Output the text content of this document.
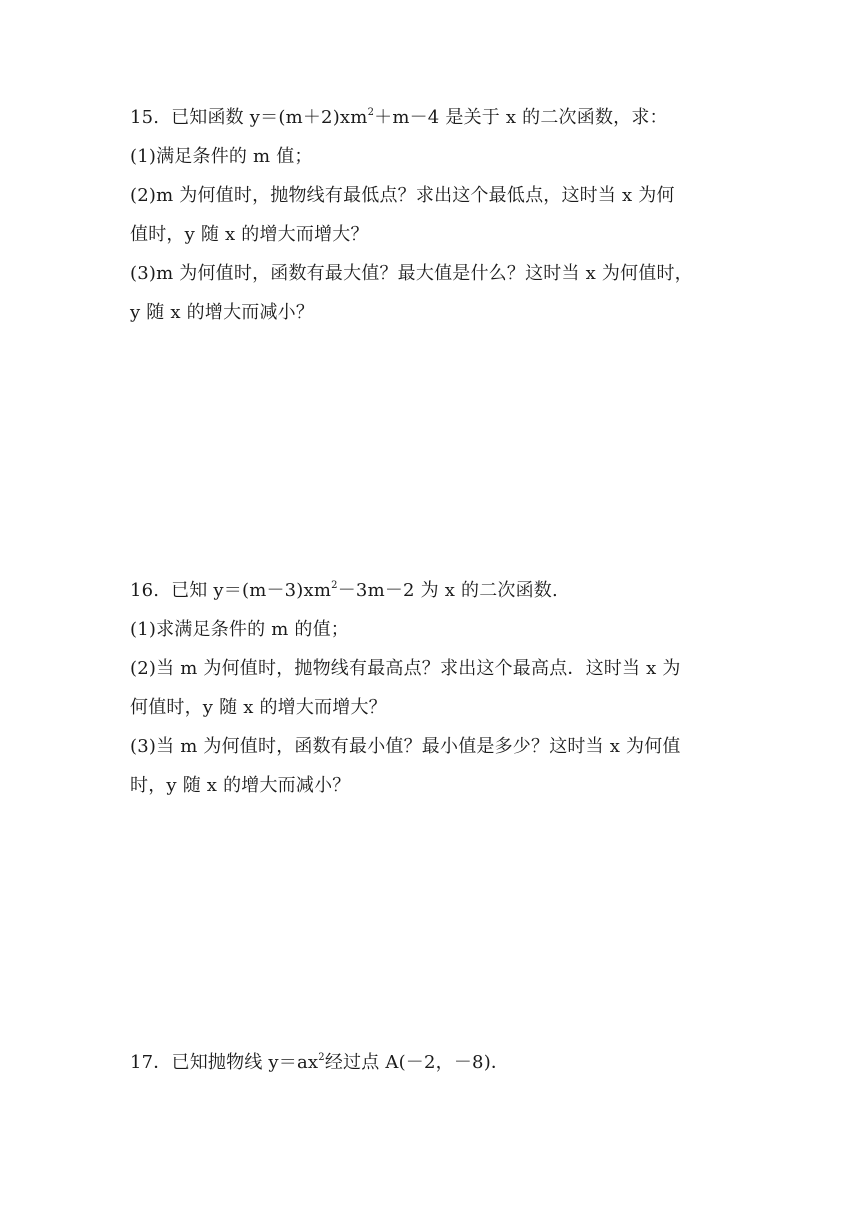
15. 已知函数 $y=(m+2)xm^2+m-4$ 是关于 x 的二次函数，求：
(1)满足条件的 m 值；
(2)m 为何值时，抛物线有最低点？求出这个最低点，这时当 x 为何
值时，y 随 x 的增大而增大？
(3)m 为何值时，函数有最大值？最大值是什么？这时当 x 为何值时，
y 随 x 的增大而减小？
16. 已知 $y=(m-3)xm^2-3m-2$ 为 x 的二次函数.
(1)求满足条件的 m 的值；
(2)当 m 为何值时，抛物线有最高点？求出这个最高点．这时当 x 为
何值时，y 随 x 的增大而增大？
(3)当 m 为何值时，函数有最小值？最小值是多少？这时当 x 为何值
时，y 随 x 的增大而减小？
17．已知抛物线 $y=ax^2$经过点 A(－2，－8)．
